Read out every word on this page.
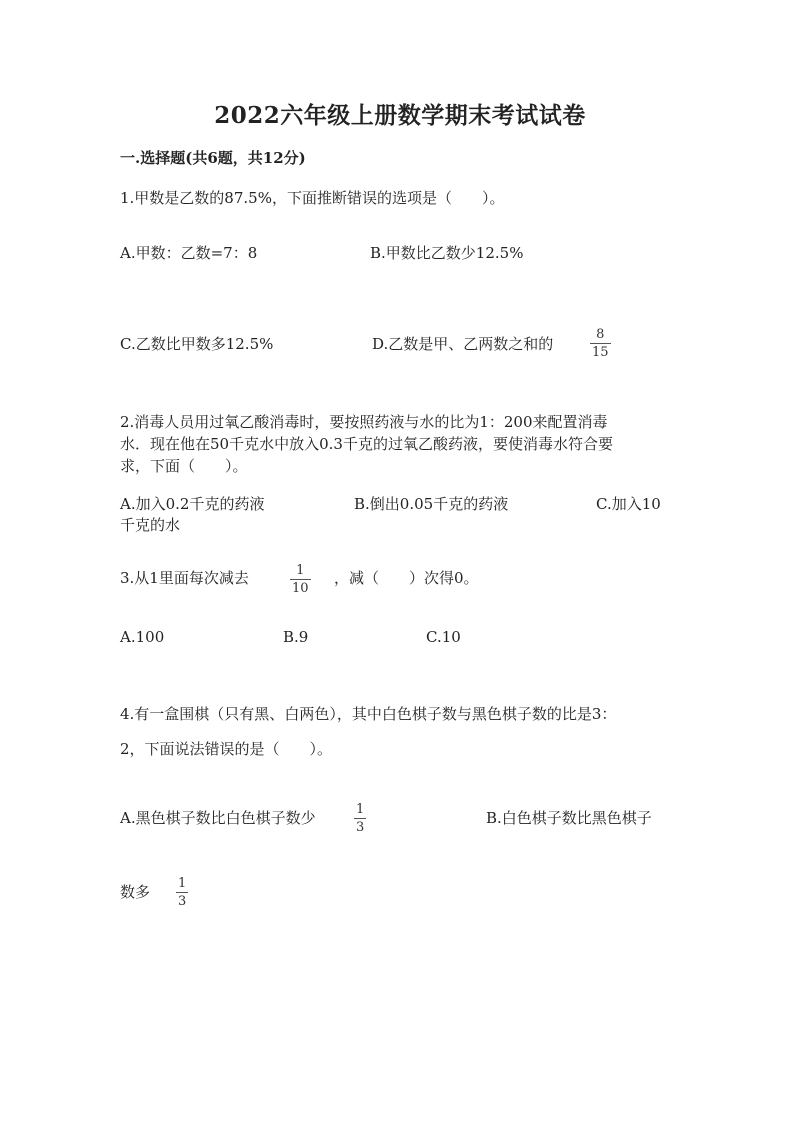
2022六年级上册数学期末考试试卷
一.选择题(共6题，共12分)
1.甲数是乙数的87.5%，下面推断错误的选项是（　　）。
A.甲数：乙数=7：8	B.甲数比乙数少12.5%
C.乙数比甲数多12.5%	D.乙数是甲、乙两数之和的
8
15
2.消毒人员用过氧乙酸消毒时，要按照药液与水的比为1：200来配置消毒
水．现在他在50千克水中放入0.3千克的过氧乙酸药液，要使消毒水符合要
求，下面（　　）。
A.加入0.2千克的药液	B.倒出0.05千克的药液	C.加入10
千克的水
3.从1里面每次减去	1
10
，减（　　）次得0。
A.100	B.9	C.10
4.有一盒围棋（只有黑、白两色），其中白色棋子数与黑色棋子数的比是3：
2，下面说法错误的是（　　）。
A.黑色棋子数比白色棋子数少	1
3
B.白色棋子数比黑色棋子
数多 1
3
